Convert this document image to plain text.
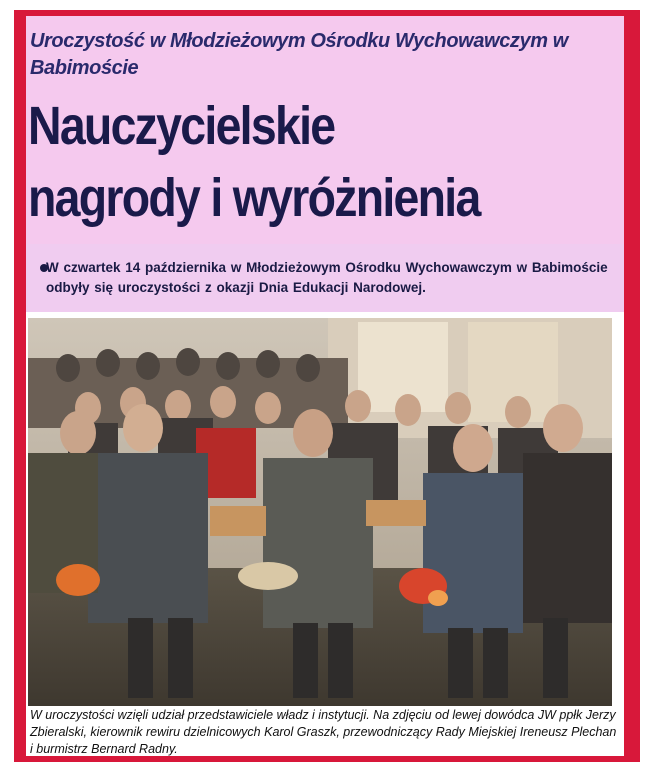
Uroczystość w Młodzieżowym Ośrodku Wychowawczym w Babimoście
Nauczycielskie
nagrody i wyróżnienia
W czwartek 14 października w Młodzieżowym Ośrodku Wychowawczym w Babimoście odbyły się uroczystości z okazji Dnia Edukacji Narodowej.
W uroczystości wzięli udział przedstawiciele władz i instytucji. Na zdjęciu od lewej dowódca JW ppłk Jerzy Zbieralski, kierownik rewiru dzielnicowych Karol Graszk, przewodniczący Rady Miejskiej Ireneusz Plechan i burmistrz Bernard Radny.
